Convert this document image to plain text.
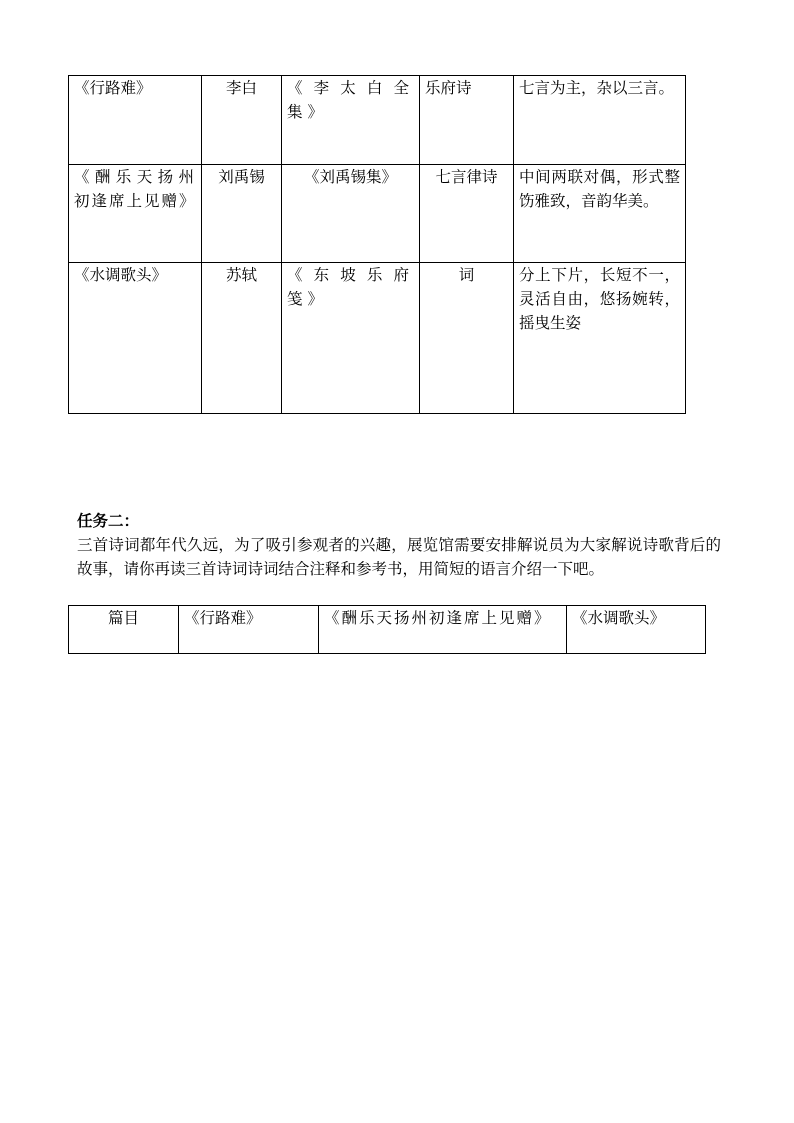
《行路难》	李白	《李太白全集》	乐府诗	七言为主，杂以三言。
《酬乐天扬州初逢席上见赠》	刘禹锡	《刘禹锡集》	七言律诗	中间两联对偶，形式整饬雅致，音韵华美。
《水调歌头》	苏轼	《东坡乐府笺》	词	分上下片，长短不一，灵活自由，悠扬婉转，摇曳生姿
任务二：
三首诗词都年代久远，为了吸引参观者的兴趣，展览馆需要安排解说员为大家解说诗歌背后的故事，请你再读三首诗词诗词结合注释和参考书，用简短的语言介绍一下吧。
篇目	《行路难》	《酬乐天扬州初逢席上见赠》	《水调歌头》
